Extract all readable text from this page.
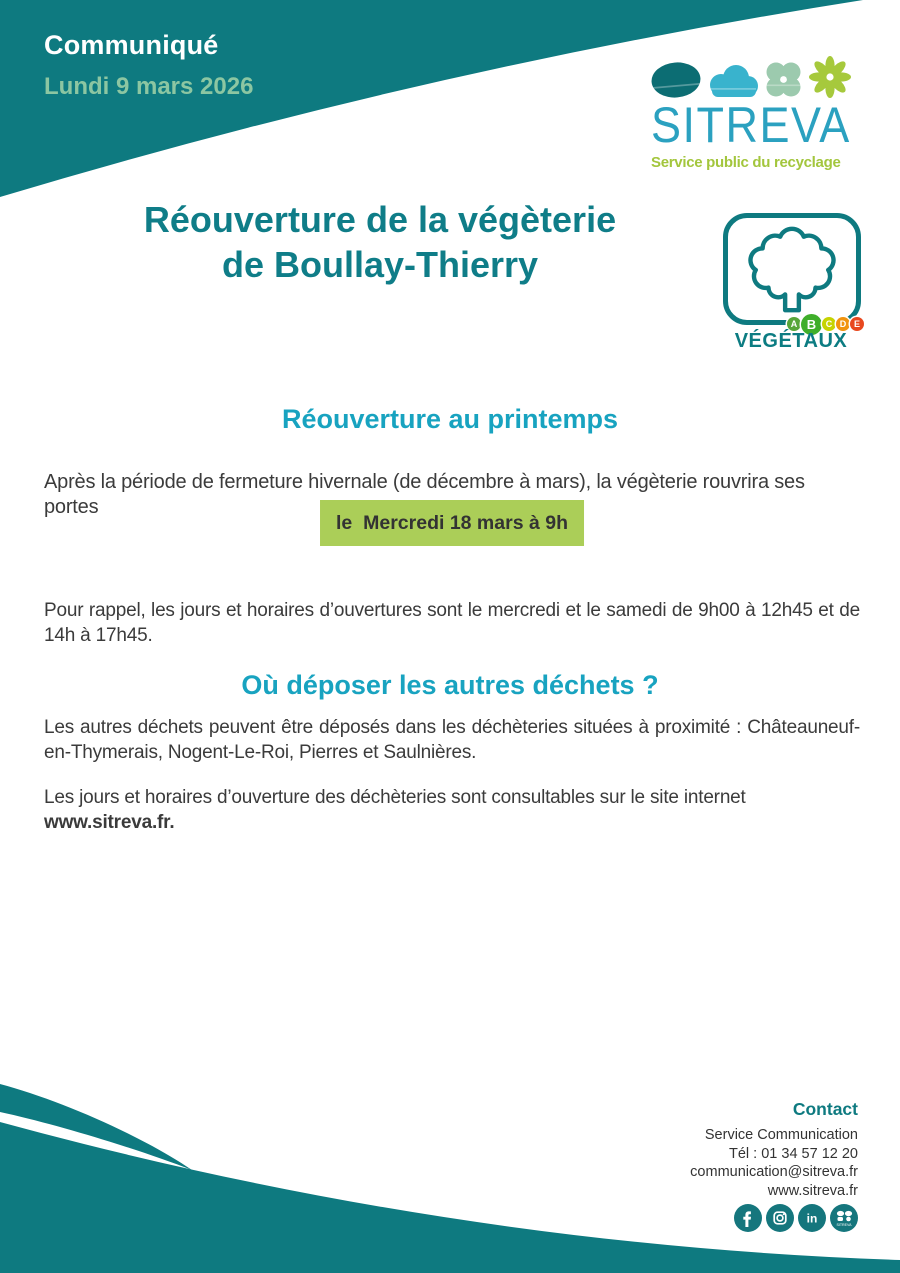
Communiqué
Lundi 9 mars 2026
SITREVA
Service public du recyclage
Réouverture de la végèterie
de Boullay-Thierry
A B	C D E
VÉGÉTAUX
Réouverture au printemps
Après la période de fermeture hivernale (de décembre à mars), la végèterie rouvrira ses portes
le  Mercredi 18 mars à 9h
Pour rappel, les jours et horaires d’ouvertures sont le mercredi et le samedi de 9h00 à 12h45 et de 14h à 17h45.
Où déposer les autres déchets ?
Les autres déchets peuvent être déposés dans les déchèteries situées à proximité : Châteauneuf-en-Thymerais, Nogent-Le-Roi, Pierres et Saulnières.
Les jours et horaires d’ouverture des déchèteries sont consultables sur le site internet www.sitreva.fr.
Contact
Service Communication
Tél : 01 34 57 12 20
communication@sitreva.fr
www.sitreva.fr
in	SITREVA
